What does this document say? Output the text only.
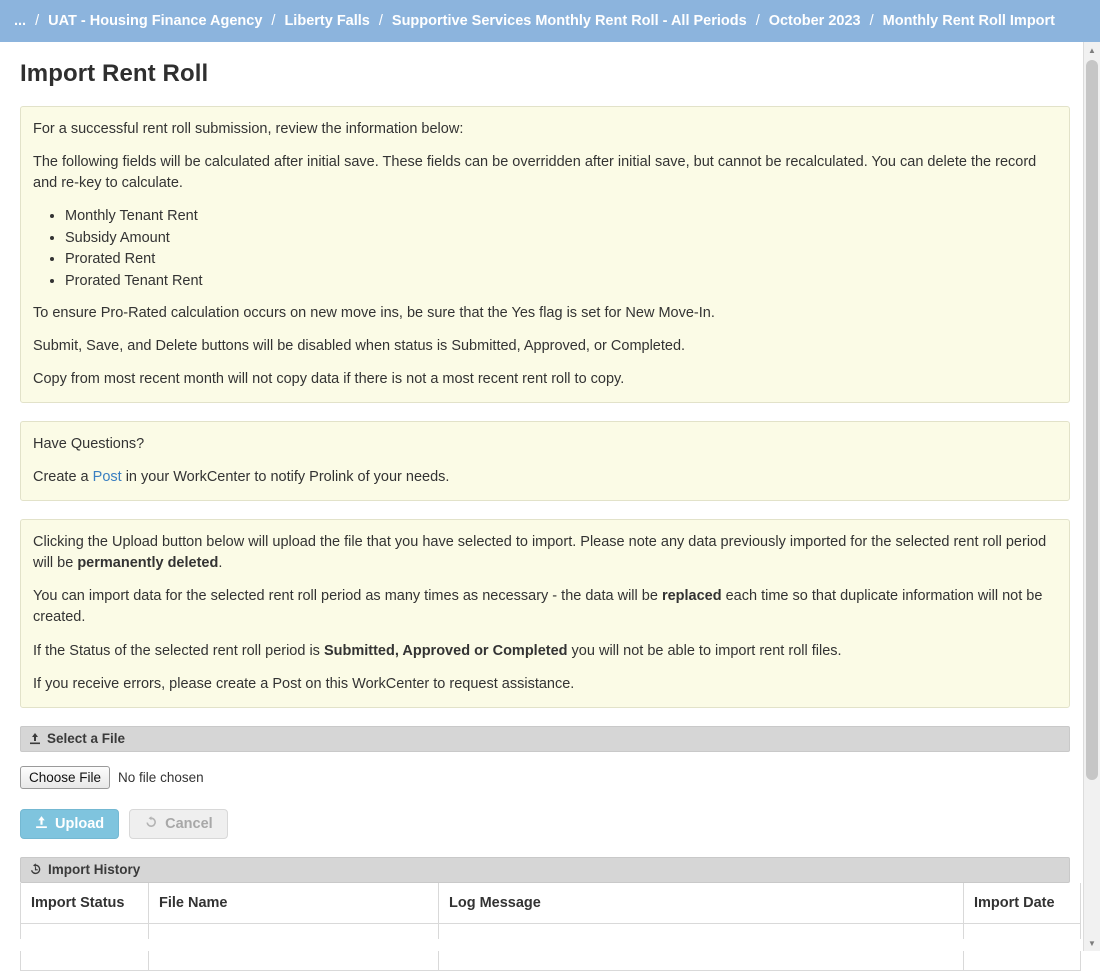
... / UAT - Housing Finance Agency / Liberty Falls / Supportive Services Monthly Rent Roll - All Periods / October 2023 / Monthly Rent Roll Import
Import Rent Roll

For a successful rent roll submission, review the information below:

The following fields will be calculated after initial save. These fields can be overridden after initial save, but cannot be recalculated. You can delete the record and re-key to calculate.

• Monthly Tenant Rent
• Subsidy Amount
• Prorated Rent
• Prorated Tenant Rent

To ensure Pro-Rated calculation occurs on new move ins, be sure that the Yes flag is set for New Move-In.

Submit, Save, and Delete buttons will be disabled when status is Submitted, Approved, or Completed.

Copy from most recent month will not copy data if there is not a most recent rent roll to copy.

Have Questions?

Create a Post in your WorkCenter to notify Prolink of your needs.

Clicking the Upload button below will upload the file that you have selected to import. Please note any data previously imported for the selected rent roll period will be permanently deleted.

You can import data for the selected rent roll period as many times as necessary - the data will be replaced each time so that duplicate information will not be created.

If the Status of the selected rent roll period is Submitted, Approved or Completed you will not be able to import rent roll files.

If you receive errors, please create a Post on this WorkCenter to request assistance.

Select a File
Choose File	No file chosen
Upload	Cancel
Import History
Import Status	File Name	Log Message	Import Date

▲
▼
